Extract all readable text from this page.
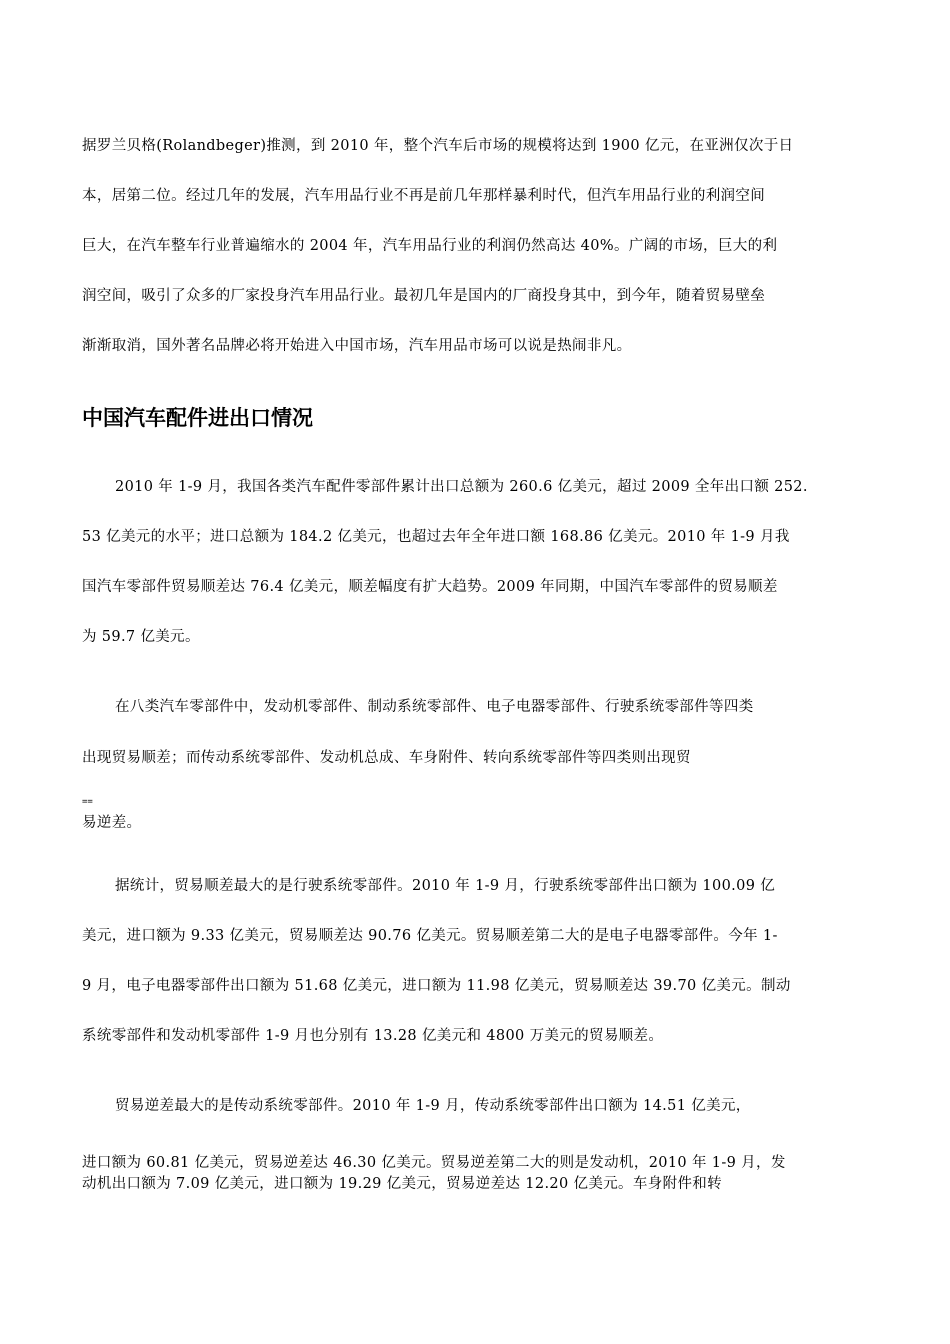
据罗兰贝格(Rolandbeger)推测，到 2010 年，整个汽车后市场的规模将达到 1900 亿元，在亚洲仅次于日
本，居第二位。经过几年的发展，汽车用品行业不再是前几年那样暴利时代，但汽车用品行业的利润空间
巨大，在汽车整车行业普遍缩水的 2004 年，汽车用品行业的利润仍然高达 40%。广阔的市场，巨大的利
润空间，吸引了众多的厂家投身汽车用品行业。最初几年是国内的厂商投身其中，到今年，随着贸易壁垒
渐渐取消，国外著名品牌必将开始进入中国市场，汽车用品市场可以说是热闹非凡。
中国汽车配件进出口情况
2010 年 1-9 月，我国各类汽车配件零部件累计出口总额为 260.6 亿美元，超过 2009 全年出口额 252.
53 亿美元的水平；进口总额为 184.2 亿美元，也超过去年全年进口额 168.86 亿美元。2010 年 1-9 月我
国汽车零部件贸易顺差达 76.4 亿美元，顺差幅度有扩大趋势。2009 年同期，中国汽车零部件的贸易顺差
为 59.7 亿美元。
在八类汽车零部件中，发动机零部件、制动系统零部件、电子电器零部件、行驶系统零部件等四类
出现贸易顺差；而传动系统零部件、发动机总成、车身附件、转向系统零部件等四类则出现贸
==
易逆差。
据统计，贸易顺差最大的是行驶系统零部件。2010 年 1-9 月，行驶系统零部件出口额为 100.09 亿
美元，进口额为 9.33 亿美元，贸易顺差达 90.76 亿美元。贸易顺差第二大的是电子电器零部件。今年 1-
9 月，电子电器零部件出口额为 51.68 亿美元，进口额为 11.98 亿美元，贸易顺差达 39.70 亿美元。制动
系统零部件和发动机零部件 1-9 月也分别有 13.28 亿美元和 4800 万美元的贸易顺差。
贸易逆差最大的是传动系统零部件。2010 年 1-9 月，传动系统零部件出口额为 14.51 亿美元，
进口额为 60.81 亿美元，贸易逆差达 46.30 亿美元。贸易逆差第二大的则是发动机，2010 年 1-9 月，发
动机出口额为 7.09 亿美元，进口额为 19.29 亿美元，贸易逆差达 12.20 亿美元。车身附件和转
